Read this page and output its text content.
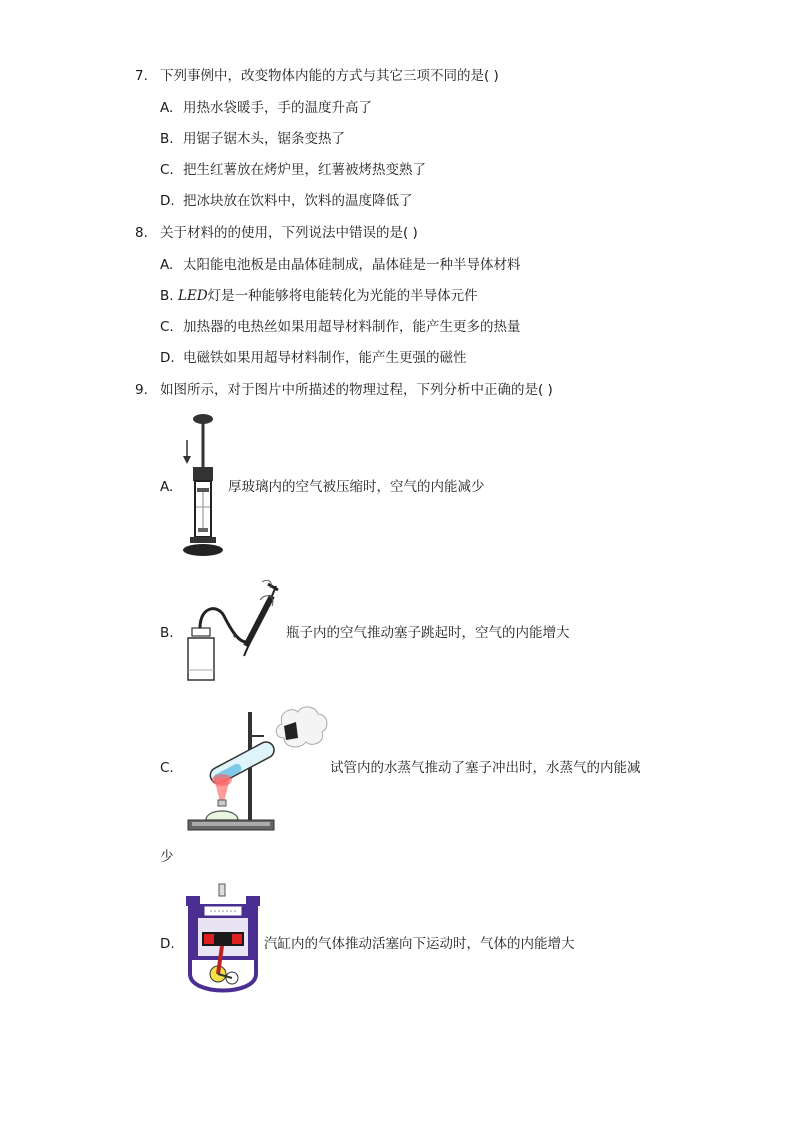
7. 下列事例中，改变物体内能的方式与其它三项不同的是( )
A. 用热水袋暖手，手的温度升高了
B. 用锯子锯木头，锯条变热了
C. 把生红薯放在烤炉里，红薯被烤热变熟了
D. 把冰块放在饮料中，饮料的温度降低了
8. 关于材料的的使用，下列说法中错误的是( )
A. 太阳能电池板是由晶体硅制成，晶体硅是一种半导体材料
B. LED灯是一种能够将电能转化为光能的半导体元件
C. 加热器的电热丝如果用超导材料制作，能产生更多的热量
D. 电磁铁如果用超导材料制作，能产生更强的磁性
9. 如图所示，对于图片中所描述的物理过程，下列分析中正确的是( )
A.	厚玻璃内的空气被压缩时，空气的内能减少
B.	瓶子内的空气推动塞子跳起时，空气的内能增大
C.	试管内的水蒸气推动了塞子冲出时，水蒸气的内能减
少
D.	汽缸内的气体推动活塞向下运动时，气体的内能增大
